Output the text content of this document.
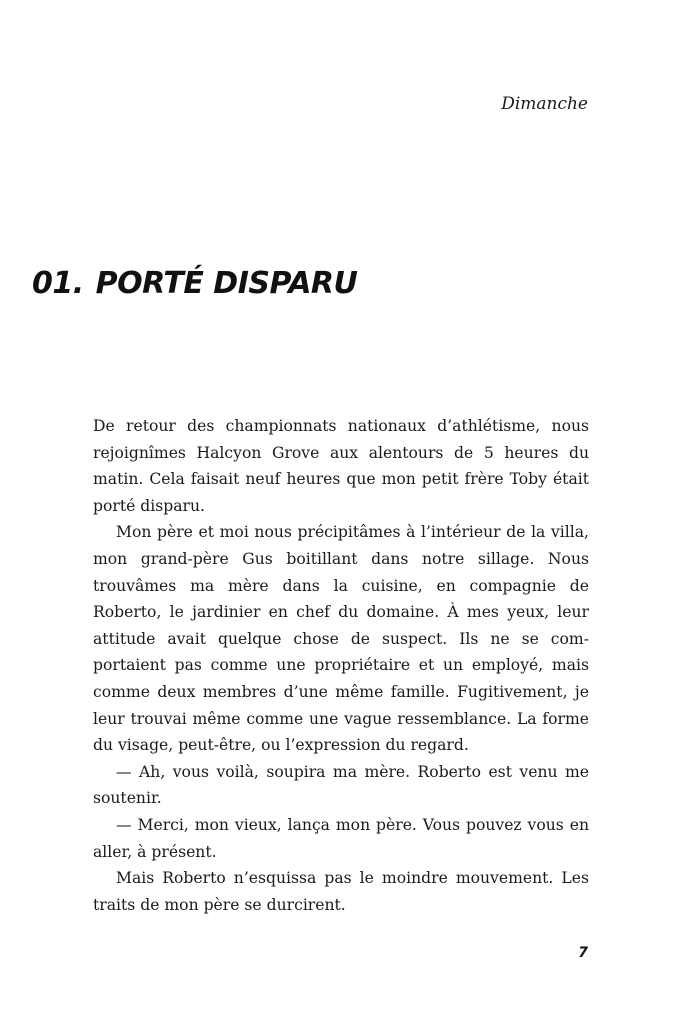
Dimanche
01. PORTÉ DISPARU

De retour des championnats nationaux d’athlétisme, nous rejoignîmes Halcyon Grove aux alentours de 5 heures du matin. Cela faisait neuf heures que mon petit frère Toby était porté disparu.

Mon père et moi nous précipitâmes à l’intérieur de la villa, mon grand-père Gus boitillant dans notre sillage. Nous trouvâmes ma mère dans la cuisine, en compagnie de Roberto, le jardinier en chef du domaine. À mes yeux, leur attitude avait quelque chose de suspect. Ils ne se comportaient pas comme une propriétaire et un employé, mais comme deux membres d’une même famille. Fugitivement, je leur trouvai même comme une vague ressemblance. La forme du visage, peut-être, ou l’expression du regard.

— Ah, vous voilà, soupira ma mère. Roberto est venu me soutenir.

— Merci, mon vieux, lança mon père. Vous pouvez vous en aller, à présent.

Mais Roberto n’esquissa pas le moindre mouvement. Les traits de mon père se durcirent.

7
